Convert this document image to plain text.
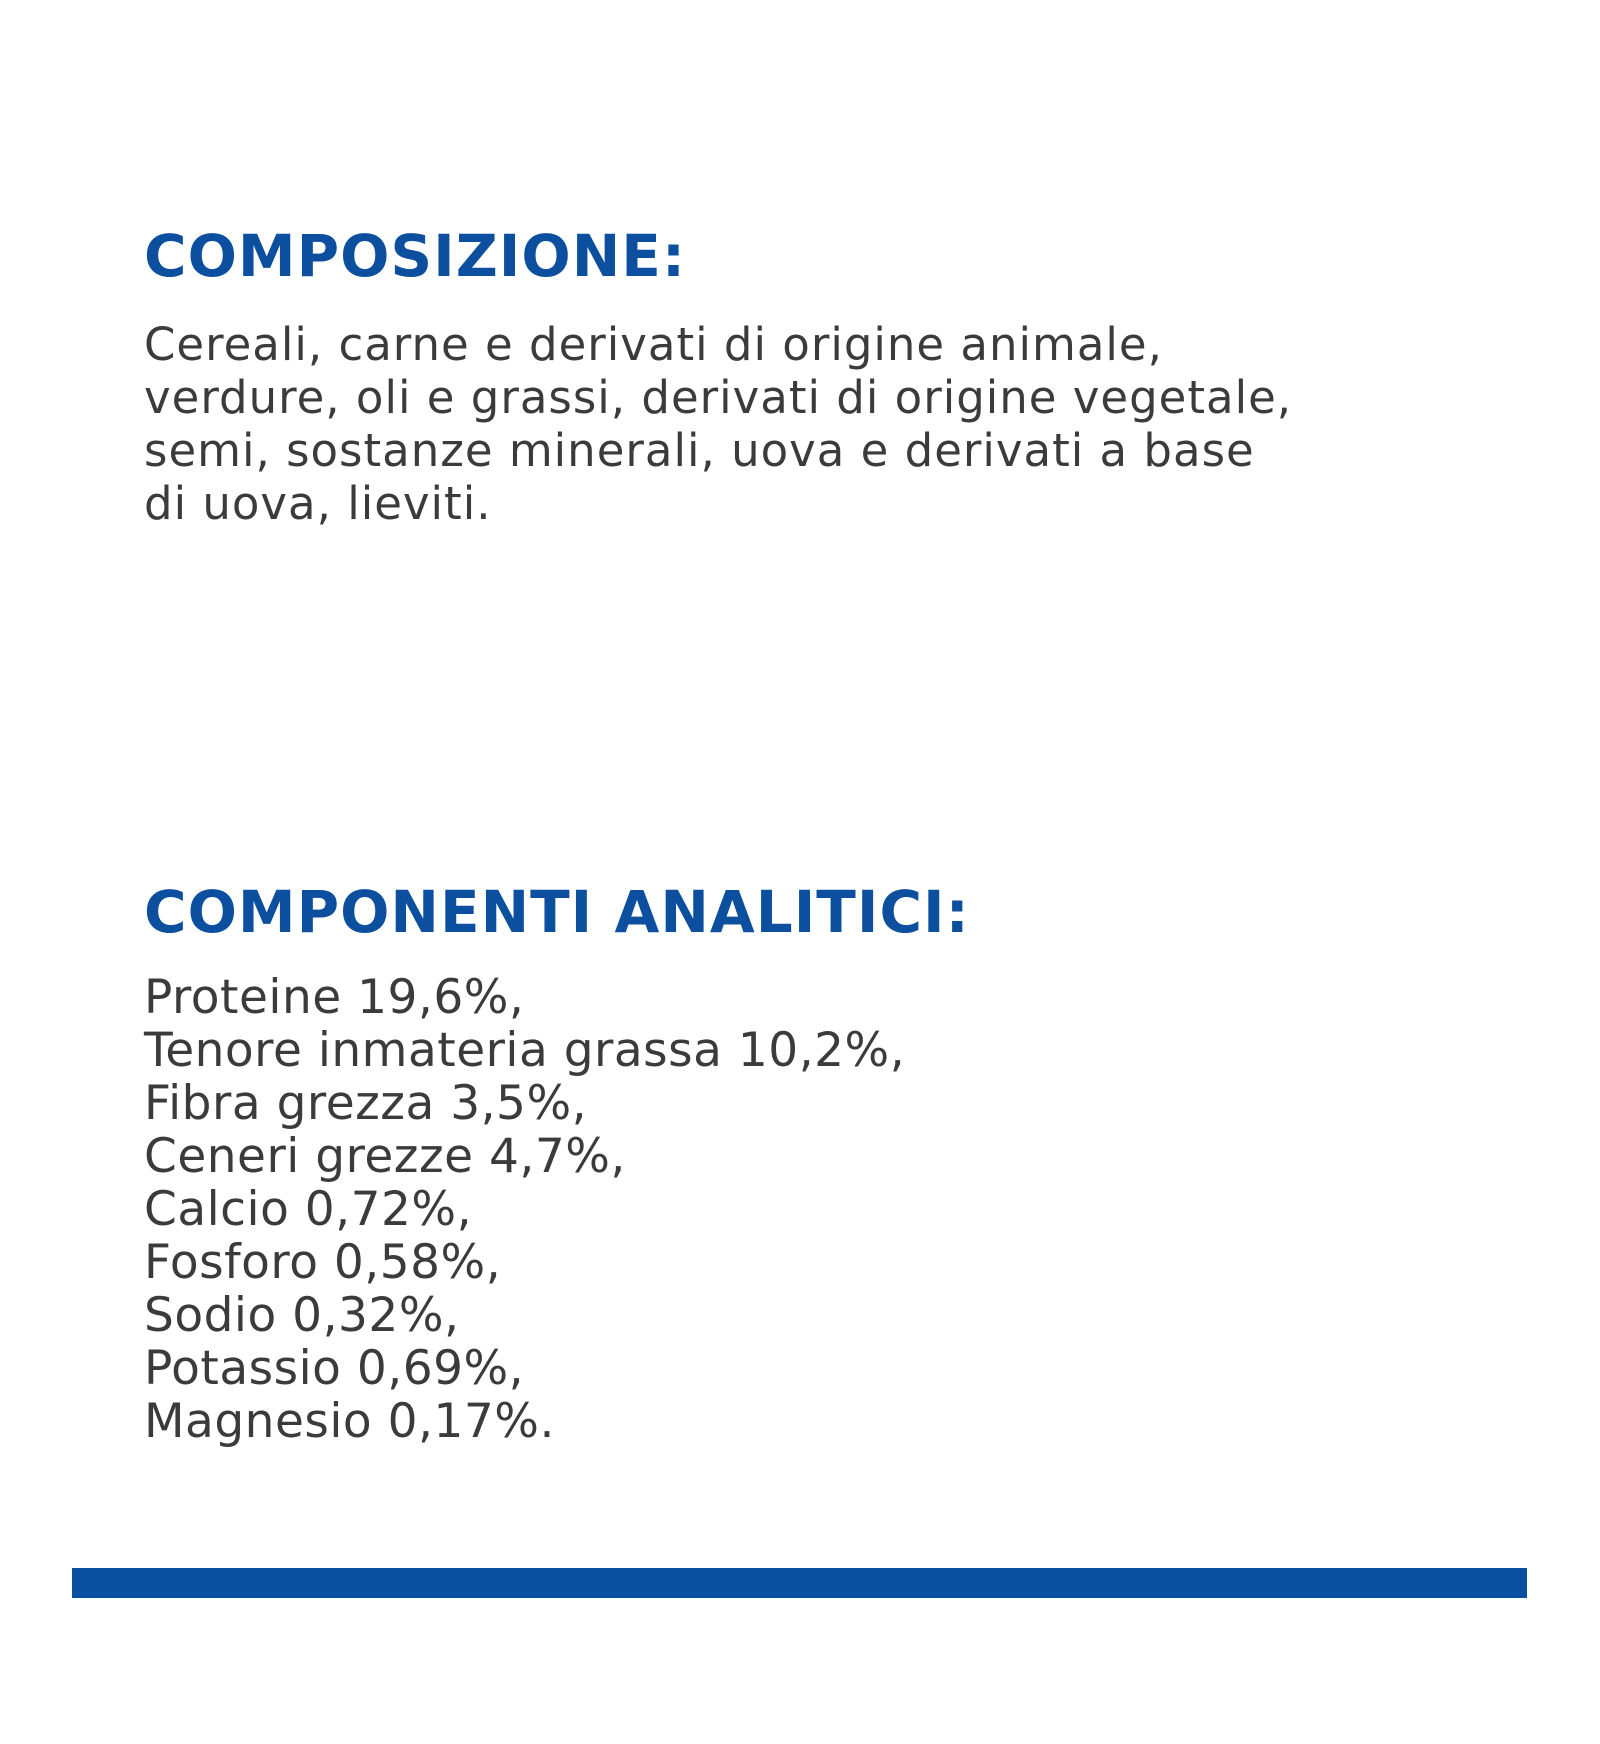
COMPOSIZIONE:

Cereali, carne e derivati di origine animale,
verdure, oli e grassi, derivati di origine vegetale,
semi, sostanze minerali, uova e derivati a base
di uova, lieviti.

COMPONENTI ANALITICI:
Proteine 19,6%,
Tenore inmateria grassa 10,2%,
Fibra grezza 3,5%,
Ceneri grezze 4,7%,
Calcio 0,72%,
Fosforo 0,58%,
Sodio 0,32%,
Potassio 0,69%,
Magnesio 0,17%.
